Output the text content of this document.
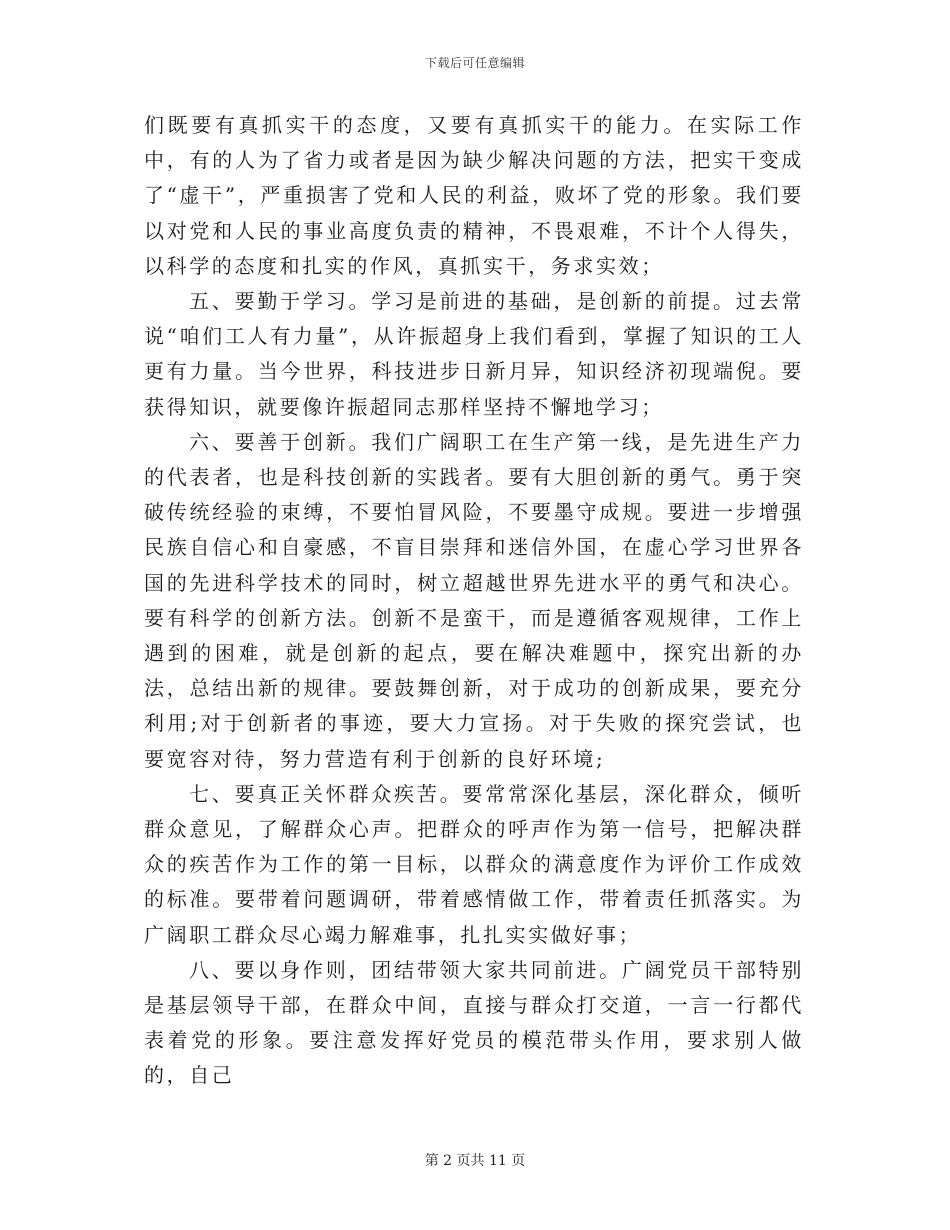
下载后可任意编辑

们既要有真抓实干的态度，又要有真抓实干的能力。在实际工作中，有的人为了省力或者是因为缺少解决问题的方法，把实干变成了“虚干”，严重损害了党和人民的利益，败坏了党的形象。我们要以对党和人民的事业高度负责的精神，不畏艰难，不计个人得失，以科学的态度和扎实的作风，真抓实干，务求实效；

五、要勤于学习。学习是前进的基础，是创新的前提。过去常说“咱们工人有力量”，从许振超身上我们看到，掌握了知识的工人更有力量。当今世界，科技进步日新月异，知识经济初现端倪。要获得知识，就要像许振超同志那样坚持不懈地学习；

六、要善于创新。我们广阔职工在生产第一线，是先进生产力的代表者，也是科技创新的实践者。要有大胆创新的勇气。勇于突破传统经验的束缚，不要怕冒风险，不要墨守成规。要进一步增强民族自信心和自豪感，不盲目崇拜和迷信外国，在虚心学习世界各国的先进科学技术的同时，树立超越世界先进水平的勇气和决心。要有科学的创新方法。创新不是蛮干，而是遵循客观规律，工作上遇到的困难，就是创新的起点，要在解决难题中，探究出新的办法，总结出新的规律。要鼓舞创新，对于成功的创新成果，要充分利用;对于创新者的事迹，要大力宣扬。对于失败的探究尝试，也要宽容对待，努力营造有利于创新的良好环境;

七、要真正关怀群众疾苦。要常常深化基层，深化群众，倾听群众意见，了解群众心声。把群众的呼声作为第一信号，把解决群众的疾苦作为工作的第一目标，以群众的满意度作为评价工作成效的标准。要带着问题调研，带着感情做工作，带着责任抓落实。为广阔职工群众尽心竭力解难事，扎扎实实做好事；

八、要以身作则，团结带领大家共同前进。广阔党员干部特别是基层领导干部，在群众中间，直接与群众打交道，一言一行都代表着党的形象。要注意发挥好党员的模范带头作用，要求别人做的，自己

第 2 页共 11 页
